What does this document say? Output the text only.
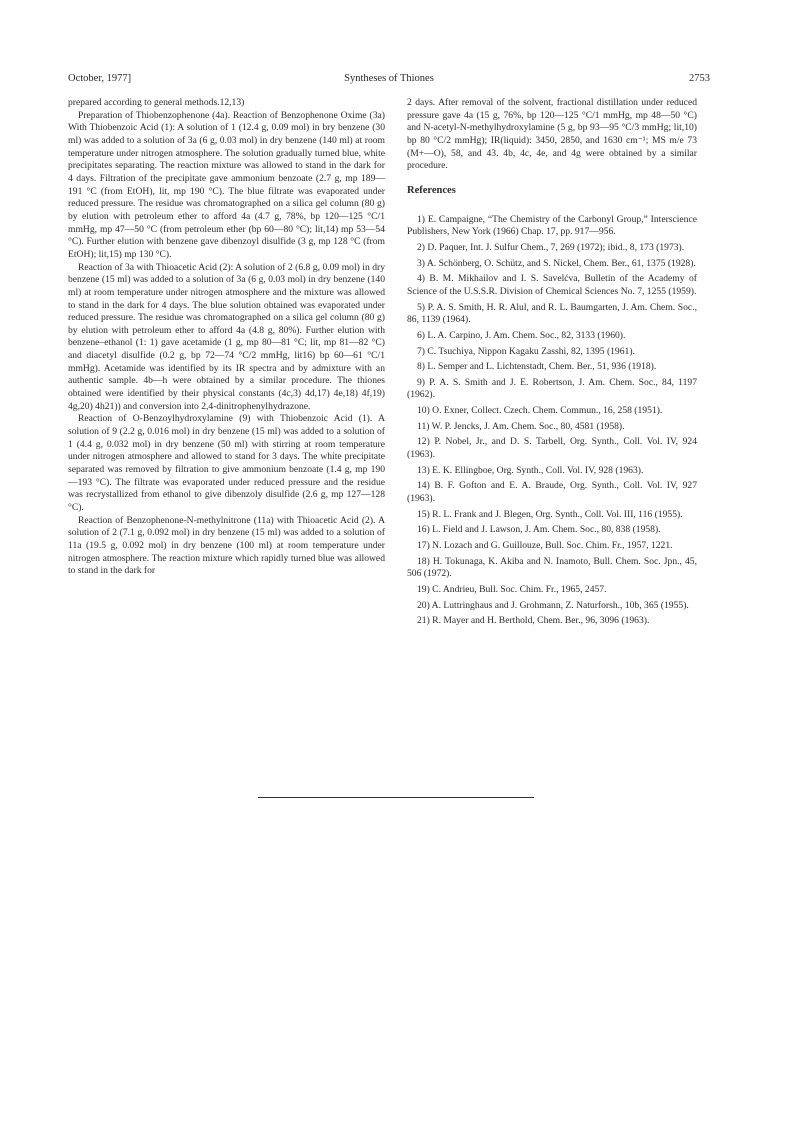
October, 1977]	Syntheses of Thiones	2753

prepared according to general methods.12,13)

Preparation of Thiobenzophenone (4a). Reaction of Benzophenone Oxime (3a) With Thiobenzoic Acid (1): A solution of 1 (12.4 g, 0.09 mol) in bry benzene (30 ml) was added to a solution of 3a (6 g, 0.03 mol) in dry benzene (140 ml) at room temperature under nitrogen atmosphere. The solution gradually turned blue, white precipitates separating. The reaction mixture was allowed to stand in the dark for 4 days. Filtration of the precipitate gave ammonium benzoate (2.7 g, mp 189—191 °C (from EtOH), lit, mp 190 °C). The blue filtrate was evaporated under reduced pressure. The residue was chromatographed on a silica gel column (80 g) by elution with petroleum ether to afford 4a (4.7 g, 78%, bp 120—125 °C/1 mmHg, mp 47—50 °C (from petroleum ether (bp 60—80 °C); lit,14) mp 53—54 °C). Further elution with benzene gave dibenzoyl disulfide (3 g, mp 128 °C (from EtOH); lit,15) mp 130 °C).

Reaction of 3a with Thioacetic Acid (2): A solution of 2 (6.8 g, 0.09 mol) in dry benzene (15 ml) was added to a solution of 3a (6 g, 0.03 mol) in dry benzene (140 ml) at room temperature under nitrogen atmosphere and the mixture was allowed to stand in the dark for 4 days. The blue solution obtained was evaporated under reduced pressure. The residue was chromatographed on a silica gel column (80 g) by elution with petroleum ether to afford 4a (4.8 g, 80%). Further elution with benzene–ethanol (1: 1) gave acetamide (1 g, mp 80—81 °C; lit, mp 81—82 °C) and diacetyl disulfide (0.2 g, bp 72—74 °C/2 mmHg, lit16) bp 60—61 °C/1 mmHg). Acetamide was identified by its IR spectra and by admixture with an authentic sample. 4b—h were obtained by a similar procedure. The thiones obtained were identified by their physical constants (4c,3) 4d,17) 4e,18) 4f,19) 4g,20) 4h21)) and conversion into 2,4-dinitrophenylhydrazone.

Reaction of O-Benzoylhydroxylamine (9) with Thiobenzoic Acid (1). A solution of 9 (2.2 g, 0.016 mol) in dry benzene (15 ml) was added to a solution of 1 (4.4 g, 0.032 mol) in dry benzene (50 ml) with stirring at room temperature under nitrogen atmosphere and allowed to stand for 3 days. The white precipitate separated was removed by filtration to give ammonium benzoate (1.4 g, mp 190—193 °C). The filtrate was evaporated under reduced pressure and the residue was recrystallized from ethanol to give dibenzoly disulfide (2.6 g, mp 127—128 °C).

Reaction of Benzophenone-N-methylnitrone (11a) with Thioacetic Acid (2). A solution of 2 (7.1 g, 0.092 mol) in dry benzene (15 ml) was added to a solution of 11a (19.5 g, 0.092 mol) in dry benzene (100 ml) at room temperature under nitrogen atmosphere. The reaction mixture which rapidly turned blue was allowed to stand in the dark for

2 days. After removal of the solvent, fractional distillation under reduced pressure gave 4a (15 g, 76%, bp 120—125 °C/1 mmHg, mp 48—50 °C) and N-acetyl-N-methylhydroxylamine (5 g, bp 93—95 °C/3 mmHg; lit,10) bp 80 °C/2 mmHg); IR(liquid): 3450, 2850, and 1630 cm⁻¹; MS m/e 73 (M+—O), 58, and 43. 4b, 4c, 4e, and 4g were obtained by a similar procedure.

References
1) E. Campaigne, “The Chemistry of the Carbonyl Group,” Interscience Publishers, New York (1966) Chap. 17, pp. 917—956.
2) D. Paquer, Int. J. Sulfur Chem., 7, 269 (1972); ibid., 8, 173 (1973).
3) A. Schönberg, O. Schütz, and S. Nickel, Chem. Ber., 61, 1375 (1928).
4) B. M. Mikhailov and I. S. Savelćva, Bulletin of the Academy of Science of the U.S.S.R. Division of Chemical Sciences No. 7, 1255 (1959).
5) P. A. S. Smith, H. R. Alul, and R. L. Baumgarten, J. Am. Chem. Soc., 86, 1139 (1964).
6) L. A. Carpino, J. Am. Chem. Soc., 82, 3133 (1960).
7) C. Tsuchiya, Nippon Kagaku Zasshi, 82, 1395 (1961).
8) L. Semper and L. Lichtenstadt, Chem. Ber., 51, 936 (1918).
9) P. A. S. Smith and J. E. Robertson, J. Am. Chem. Soc., 84, 1197 (1962).
10) O. Exner, Collect. Czech. Chem. Commun., 16, 258 (1951).
11) W. P. Jencks, J. Am. Chem. Soc., 80, 4581 (1958).
12) P. Nobel, Jr., and D. S. Tarbell, Org. Synth., Coll. Vol. IV, 924 (1963).
13) E. K. Ellingboe, Org. Synth., Coll. Vol. IV, 928 (1963).
14) B. F. Gofton and E. A. Braude, Org. Synth., Coll. Vol. IV, 927 (1963).
15) R. L. Frank and J. Blegen, Org. Synth., Coll. Vol. III, 116 (1955).
16) L. Field and J. Lawson, J. Am. Chem. Soc., 80, 838 (1958).
17) N. Lozach and G. Guillouze, Bull. Soc. Chim. Fr., 1957, 1221.
18) H. Tokunaga, K. Akiba and N. Inamoto, Bull. Chem. Soc. Jpn., 45, 506 (1972).
19) C. Andrieu, Bull. Soc. Chim. Fr., 1965, 2457.
20) A. Luttringhaus and J. Grohmann, Z. Naturforsh., 10b, 365 (1955).
21) R. Mayer and H. Berthold, Chem. Ber., 96, 3096 (1963).
